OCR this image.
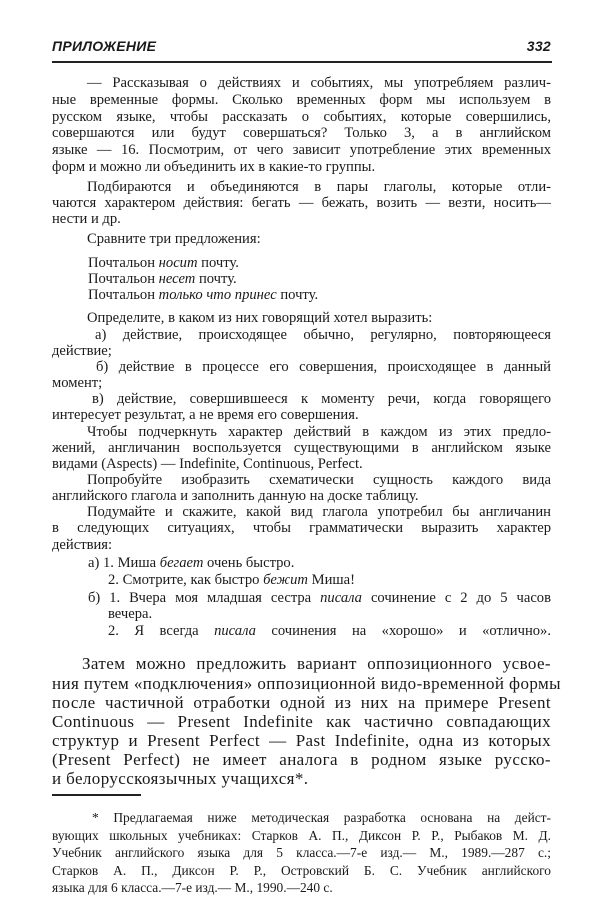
ПРИЛОЖЕНИЕ	332
— Рассказывая о действиях и событиях, мы употребляем различ-
ные временные формы. Сколько временных форм мы используем в
русском языке, чтобы рассказать о событиях, которые совершились,
совершаются или будут совершаться? Только 3, а в английском
языке — 16. Посмотрим, от чего зависит употребление этих временных
форм и можно ли объединить их в какие-то группы.
Подбираются и объединяются в пары глаголы, которые отли-
чаются характером действия: бегать — бежать, возить — везти, носить—
нести и др.
Сравните три предложения:
Почтальон носит почту.
Почтальон несет почту.
Почтальон только что принес почту.
Определите, в каком из них говорящий хотел выразить:
а) действие, происходящее обычно, регулярно, повторяющееся
действие;
б) действие в процессе его совершения, происходящее в данный
момент;
в) действие, совершившееся к моменту речи, когда говорящего
интересует результат, а не время его совершения.
Чтобы подчеркнуть характер действий в каждом из этих предло-
жений, англичанин воспользуется существующими в английском языке
видами (Aspects) — Indefinite, Continuous, Perfect.
Попробуйте изобразить схематически сущность каждого вида
английского глагола и заполнить данную на доске таблицу.
Подумайте и скажите, какой вид глагола употребил бы англичанин
в следующих ситуациях, чтобы грамматически выразить характер
действия:
а) 1. Миша бегает очень быстро.
2. Смотрите, как быстро бежит Миша!
б) 1. Вчера моя младшая сестра писала сочинение с 2 до 5 часов
вечера.
2. Я всегда писала сочинения на «хорошо» и «отлично».
Затем можно предложить вариант оппозиционного усвое-
ния путем «подключения» оппозиционной видо-временной формы
после частичной отработки одной из них на примере Present
Continuous — Present Indefinite как частично совпадающих
структур и Present Perfect — Past Indefinite, одна из которых
(Present Perfect) не имеет аналога в родном языке русско-
и белорусскоязычных учащихся*.
* Предлагаемая ниже методическая разработка основана на дейст-
вующих школьных учебниках: Старков А. П., Диксон Р. Р., Рыбаков М. Д.
Учебник английского языка для 5 класса.—7-е изд.— М., 1989.—287 с.;
Старков А. П., Диксон Р. Р., Островский Б. С. Учебник английского
языка для 6 класса.—7-е изд.— М., 1990.—240 с.
